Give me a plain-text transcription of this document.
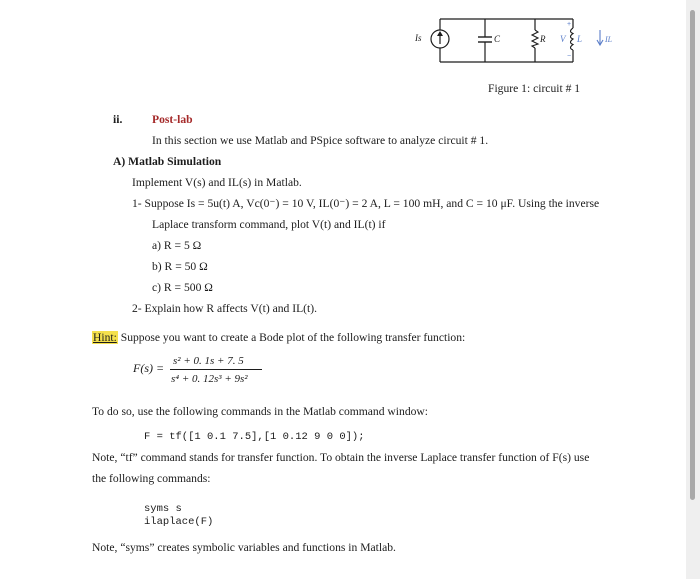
Is	C	R V L	IL
+
−
Figure 1: circuit # 1
ii.	Post-lab
In this section we use Matlab and PSpice software to analyze circuit # 1.
A) Matlab Simulation
Implement V(s) and IL(s) in Matlab.
1- Suppose Is = 5u(t) A, Vc(0⁻) = 10 V, IL(0⁻) = 2 A, L = 100 mH, and C = 10 μF. Using the inverse
Laplace transform command, plot V(t) and IL(t) if
a) R = 5 Ω
b) R = 50 Ω
c) R = 500 Ω
2- Explain how R affects V(t) and IL(t).
Hint: Suppose you want to create a Bode plot of the following transfer function:
F(s) = s² + 0. 1s + 7. 5
s⁴ + 0. 12s³ + 9s²
To do so, use the following commands in the Matlab command window:
F = tf([1 0.1 7.5],[1 0.12 9 0 0]);
Note, “tf” command stands for transfer function. To obtain the inverse Laplace transfer function of F(s) use
the following commands:
syms s
ilaplace(F)
Note, “syms” creates symbolic variables and functions in Matlab.
